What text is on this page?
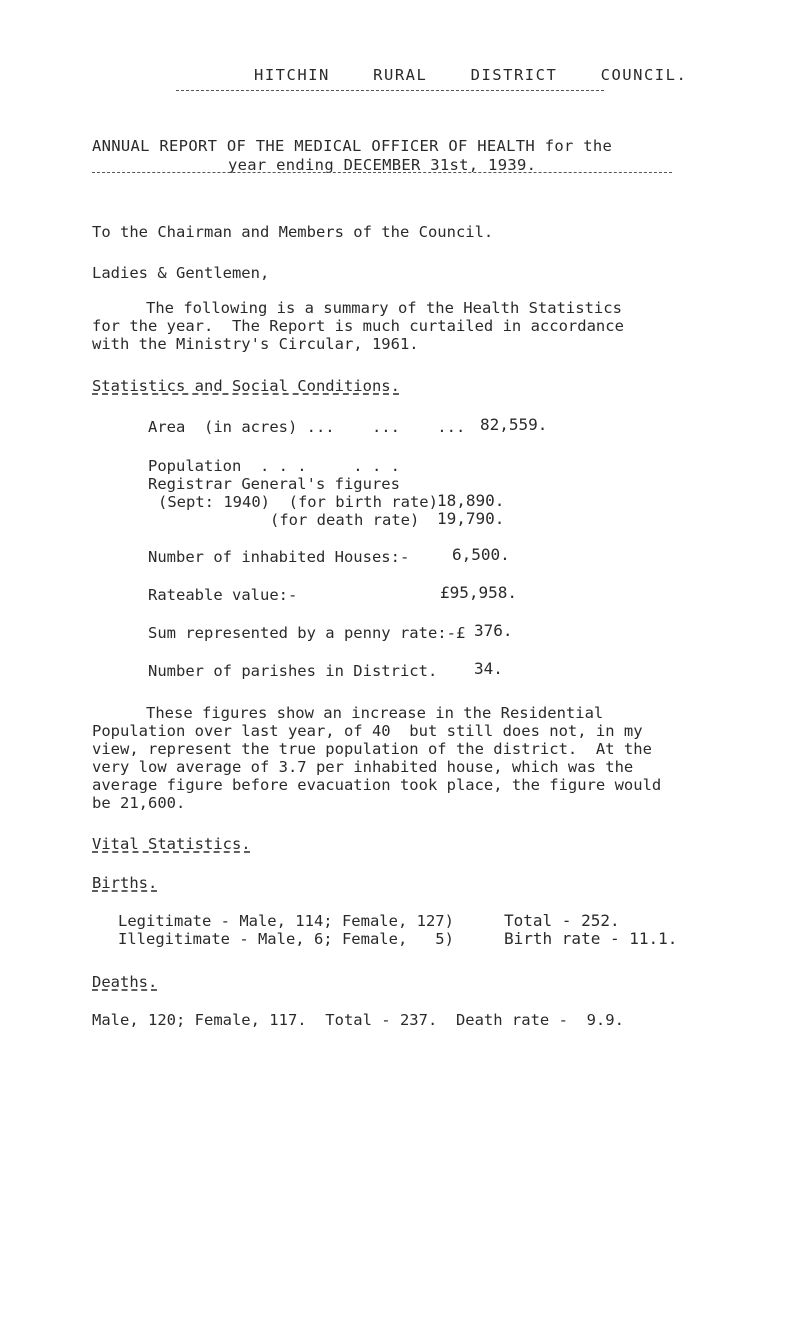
HITCHIN    RURAL    DISTRICT    COUNCIL.
ANNUAL REPORT OF THE MEDICAL OFFICER OF HEALTH for the
year ending DECEMBER 31st, 1939.
To the Chairman and Members of the Council.
Ladies & Gentlemen,
The following is a summary of the Health Statistics
for the year.  The Report is much curtailed in accordance
with the Ministry's Circular, 1961.
Statistics and Social Conditions.
Area  (in acres) ...    ...    ... 82,559.
Population  . . .     . . .
Registrar General's figures
(Sept: 1940)  (for birth rate)
(for death rate)
18,890.
19,790.
Number of inhabited Houses:-	6,500.
Rateable value:-	£95,958.
Sum represented by a penny rate:-£ 376.
Number of parishes in District. 34.
These figures show an increase in the Residential
Population over last year, of 40  but still does not, in my
view, represent the true population of the district.  At the
very low average of 3.7 per inhabited house, which was the
average figure before evacuation took place, the figure would
be 21,600.
Vital Statistics.
Births.
Legitimate - Male, 114; Female, 127)
Illegitimate - Male, 6; Female,   5)
Total - 252.
Birth rate - 11.1.
Deaths.
Male, 120; Female, 117.  Total - 237.  Death rate -  9.9.
